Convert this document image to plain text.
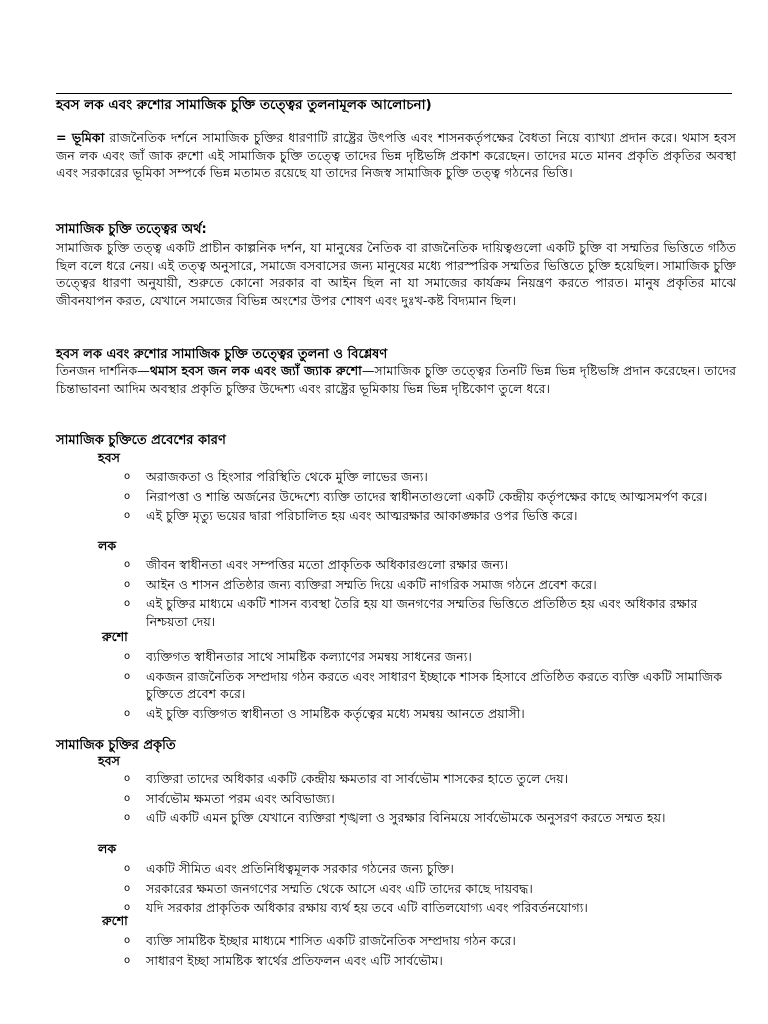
হবস লক এবং রুশোর সামাজিক চুক্তি তত্ত্বের তুলনামূলক আলোচনা)
= ভূমিকা রাজনৈতিক দর্শনে সামাজিক চুক্তির ধারণাটি রাষ্ট্রের উৎপত্তি এবং শাসনকর্তৃপক্ষের বৈধতা নিয়ে ব্যাখ্যা প্রদান করে। থমাস হবস জন লক এবং জাঁ জাক রুশো এই সামাজিক চুক্তি তত্ত্বে তাদের ভিন্ন দৃষ্টিভঙ্গি প্রকাশ করেছেন। তাদের মতে মানব প্রকৃতি প্রকৃতির অবস্থা এবং সরকারের ভূমিকা সম্পর্কে ভিন্ন মতামত রয়েছে যা তাদের নিজস্ব সামাজিক চুক্তি তত্ত্ব গঠনের ভিত্তি।
সামাজিক চুক্তি তত্ত্বের অর্থ:
সামাজিক চুক্তি তত্ত্ব একটি প্রাচীন কাল্পনিক দর্শন, যা মানুষের নৈতিক বা রাজনৈতিক দায়িত্বগুলো একটি চুক্তি বা সম্মতির ভিত্তিতে গঠিত ছিল বলে ধরে নেয়। এই তত্ত্ব অনুসারে, সমাজে বসবাসের জন্য মানুষের মধ্যে পারস্পরিক সম্মতির ভিত্তিতে চুক্তি হয়েছিল। সামাজিক চুক্তি তত্ত্বের ধারণা অনুযায়ী, শুরুতে কোনো সরকার বা আইন ছিল না যা সমাজের কার্যক্রম নিয়ন্ত্রণ করতে পারত। মানুষ প্রকৃতির মাঝে জীবনযাপন করত, যেখানে সমাজের বিভিন্ন অংশের উপর শোষণ এবং দুঃখ-কষ্ট বিদ্যমান ছিল।
হবস লক এবং রুশোর সামাজিক চুক্তি তত্ত্বের তুলনা ও বিশ্লেষণ
তিনজন দার্শনিক—থমাস হবস জন লক এবং জ্যাঁ জ্যাক রুশো—সামাজিক চুক্তি তত্ত্বের তিনটি ভিন্ন ভিন্ন দৃষ্টিভঙ্গি প্রদান করেছেন। তাদের চিন্তাভাবনা আদিম অবস্থার প্রকৃতি চুক্তির উদ্দেশ্য এবং রাষ্ট্রের ভূমিকায় ভিন্ন ভিন্ন দৃষ্টিকোণ তুলে ধরে।
সামাজিক চুক্তিতে প্রবেশের কারণ
হবস
o অরাজকতা ও হিংসার পরিস্থিতি থেকে মুক্তি লাভের জন্য।
o নিরাপত্তা ও শান্তি অর্জনের উদ্দেশ্যে ব্যক্তি তাদের স্বাধীনতাগুলো একটি কেন্দ্রীয় কর্তৃপক্ষের কাছে আত্মসমর্পণ করে।
o এই চুক্তি মৃত্যু ভয়ের দ্বারা পরিচালিত হয় এবং আত্মরক্ষার আকাঙ্ক্ষার ওপর ভিত্তি করে।
লক
o জীবন স্বাধীনতা এবং সম্পত্তির মতো প্রাকৃতিক অধিকারগুলো রক্ষার জন্য।
o আইন ও শাসন প্রতিষ্ঠার জন্য ব্যক্তিরা সম্মতি দিয়ে একটি নাগরিক সমাজ গঠনে প্রবেশ করে।
o এই চুক্তির মাধ্যমে একটি শাসন ব্যবস্থা তৈরি হয় যা জনগণের সম্মতির ভিত্তিতে প্রতিষ্ঠিত হয় এবং অধিকার রক্ষার নিশ্চয়তা দেয়।
রুশো
o ব্যক্তিগত স্বাধীনতার সাথে সামষ্টিক কল্যাণের সমন্বয় সাধনের জন্য।
o একজন রাজনৈতিক সম্প্রদায় গঠন করতে এবং সাধারণ ইচ্ছাকে শাসক হিসাবে প্রতিষ্ঠিত করতে ব্যক্তি একটি সামাজিক চুক্তিতে প্রবেশ করে।
o এই চুক্তি ব্যক্তিগত স্বাধীনতা ও সামষ্টিক কর্তৃত্বের মধ্যে সমন্বয় আনতে প্রয়াসী।
সামাজিক চুক্তির প্রকৃতি
হবস
o ব্যক্তিরা তাদের অধিকার একটি কেন্দ্রীয় ক্ষমতার বা সার্বভৌম শাসকের হাতে তুলে দেয়।
o সার্বভৌম ক্ষমতা পরম এবং অবিভাজ্য।
o এটি একটি এমন চুক্তি যেখানে ব্যক্তিরা শৃঙ্খলা ও সুরক্ষার বিনিময়ে সার্বভৌমকে অনুসরণ করতে সম্মত হয়।
লক
o একটি সীমিত এবং প্রতিনিধিত্বমূলক সরকার গঠনের জন্য চুক্তি।
o সরকারের ক্ষমতা জনগণের সম্মতি থেকে আসে এবং এটি তাদের কাছে দায়বদ্ধ।
o যদি সরকার প্রাকৃতিক অধিকার রক্ষায় ব্যর্থ হয় তবে এটি বাতিলযোগ্য এবং পরিবর্তনযোগ্য।
রুশো
o ব্যক্তি সামষ্টিক ইচ্ছার মাধ্যমে শাসিত একটি রাজনৈতিক সম্প্রদায় গঠন করে।
o সাধারণ ইচ্ছা সামষ্টিক স্বার্থের প্রতিফলন এবং এটি সার্বভৌম।
